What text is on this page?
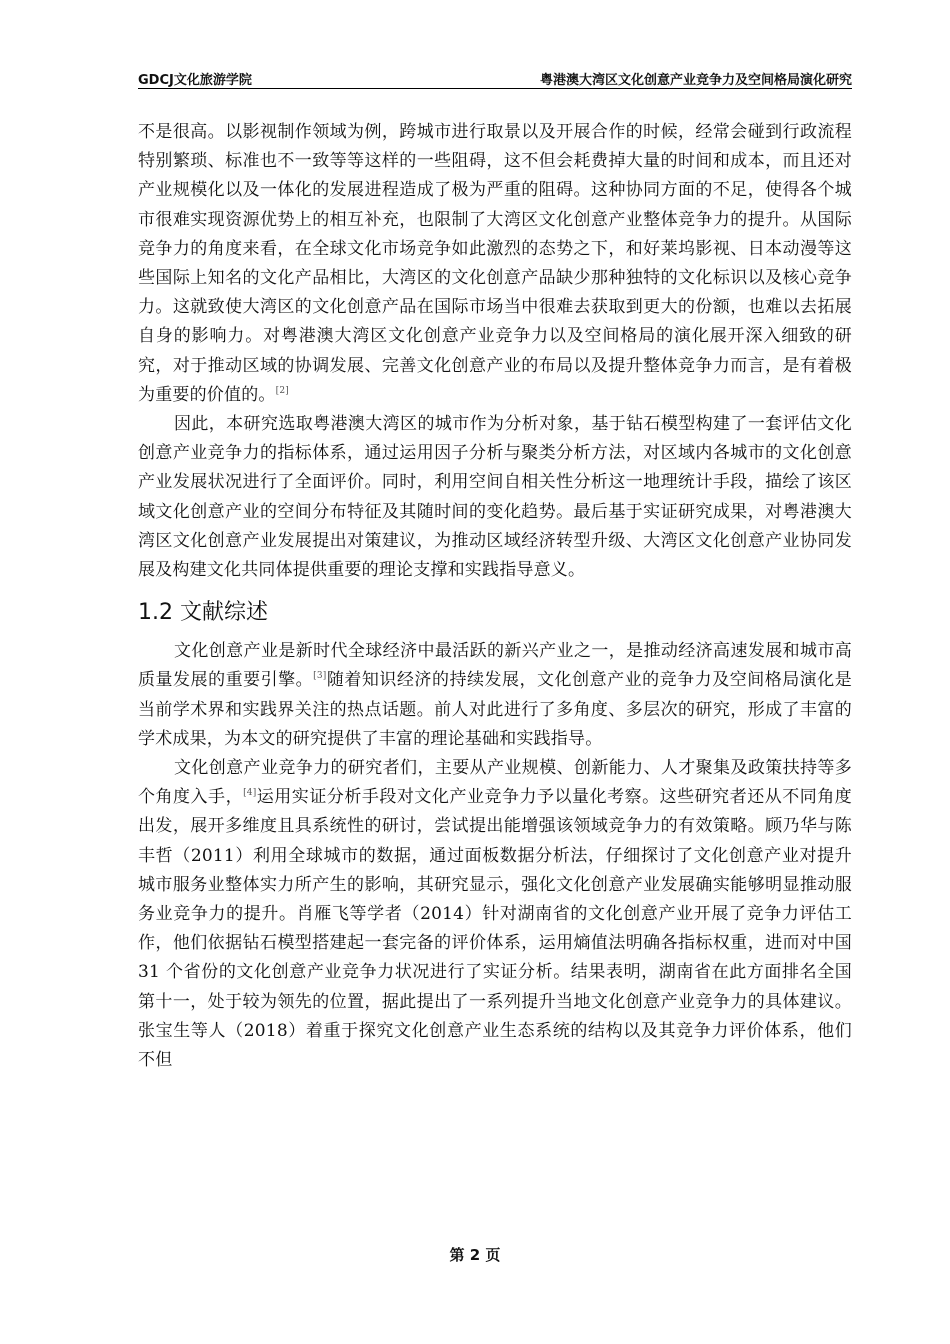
GDCJ文化旅游学院	粤港澳大湾区文化创意产业竞争力及空间格局演化研究

不是很高。以影视制作领域为例，跨城市进行取景以及开展合作的时候，经常会碰到行政流程特别繁琐、标准也不一致等等这样的一些阻碍，这不但会耗费掉大量的时间和成本，而且还对产业规模化以及一体化的发展进程造成了极为严重的阻碍。这种协同方面的不足，使得各个城市很难实现资源优势上的相互补充，也限制了大湾区文化创意产业整体竞争力的提升。从国际竞争力的角度来看，在全球文化市场竞争如此激烈的态势之下，和好莱坞影视、日本动漫等这些国际上知名的文化产品相比，大湾区的文化创意产品缺少那种独特的文化标识以及核心竞争力。这就致使大湾区的文化创意产品在国际市场当中很难去获取到更大的份额，也难以去拓展自身的影响力。对粤港澳大湾区文化创意产业竞争力以及空间格局的演化展开深入细致的研究，对于推动区域的协调发展、完善文化创意产业的布局以及提升整体竞争力而言，是有着极为重要的价值的。[2]

因此，本研究选取粤港澳大湾区的城市作为分析对象，基于钻石模型构建了一套评估文化创意产业竞争力的指标体系，通过运用因子分析与聚类分析方法，对区域内各城市的文化创意产业发展状况进行了全面评价。同时，利用空间自相关性分析这一地理统计手段，描绘了该区域文化创意产业的空间分布特征及其随时间的变化趋势。最后基于实证研究成果，对粤港澳大湾区文化创意产业发展提出对策建议，为推动区域经济转型升级、大湾区文化创意产业协同发展及构建文化共同体提供重要的理论支撑和实践指导意义。

1.2 文献综述

文化创意产业是新时代全球经济中最活跃的新兴产业之一，是推动经济高速发展和城市高质量发展的重要引擎。[3]随着知识经济的持续发展，文化创意产业的竞争力及空间格局演化是当前学术界和实践界关注的热点话题。前人对此进行了多角度、多层次的研究，形成了丰富的学术成果，为本文的研究提供了丰富的理论基础和实践指导。

文化创意产业竞争力的研究者们，主要从产业规模、创新能力、人才聚集及政策扶持等多个角度入手，[4]运用实证分析手段对文化产业竞争力予以量化考察。这些研究者还从不同角度出发，展开多维度且具系统性的研讨，尝试提出能增强该领域竞争力的有效策略。顾乃华与陈丰哲（2011）利用全球城市的数据，通过面板数据分析法，仔细探讨了文化创意产业对提升城市服务业整体实力所产生的影响，其研究显示，强化文化创意产业发展确实能够明显推动服务业竞争力的提升。肖雁飞等学者（2014）针对湖南省的文化创意产业开展了竞争力评估工作，他们依据钻石模型搭建起一套完备的评价体系，运用熵值法明确各指标权重，进而对中国 31 个省份的文化创意产业竞争力状况进行了实证分析。结果表明，湖南省在此方面排名全国第十一，处于较为领先的位置，据此提出了一系列提升当地文化创意产业竞争力的具体建议。张宝生等人（2018）着重于探究文化创意产业生态系统的结构以及其竞争力评价体系，他们不但

第 2 页
